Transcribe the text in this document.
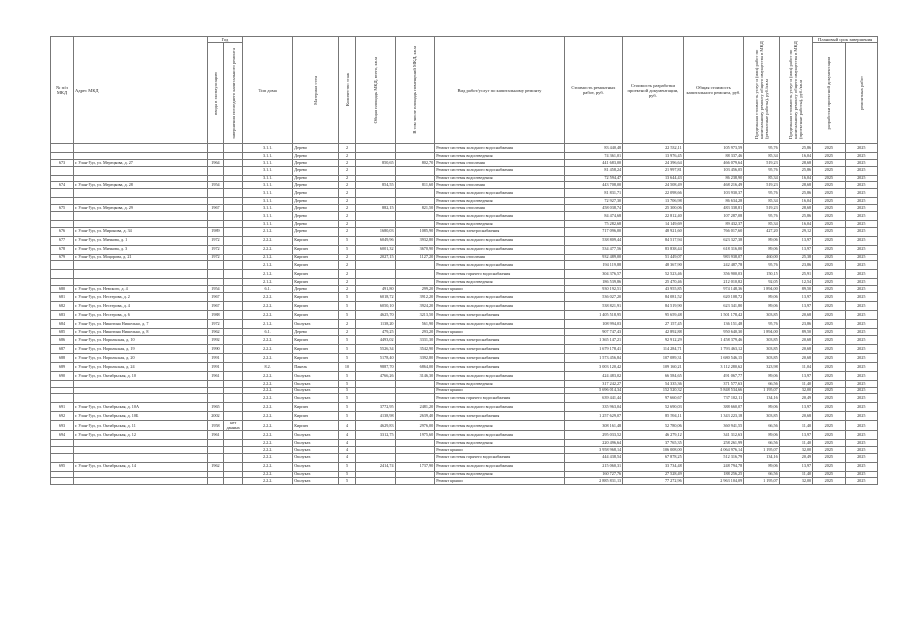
№ п/п МКД	Адрес МКД	Год		Тип дома	Материал стен	Количество этаж	Общая площадь МКД, всего, кв.м	В том числе площадь помещений МКД, кв.м	Вид работ/услуг по капитальному ремонту	Стоимость ремонтных работ, руб.	Стоимость разработки проектной документации, руб.	Общая стоимость капитального ремонта, руб.	Предельная стоимость услуг и (или) работ по капитальному ремонту общего имущества в МКД (ремонтные работы), руб./кв.м	Предельная стоимость услуг и (или) работ по капитальному ремонту общего имущества в МКД (проектные работы), руб./кв.м	Плановый срок завершения	

		ввода в эксплуатацию	завершения последнего капитального ремонта												разработки проектной документации	ремонтных работ

				3.1.1.	Дерево	2			Ремонт системы холодного водоснабжения	83 440,48	22 532,11	105 973,59	95,76	25,86	2025	2025
				3.1.1.	Дерево	2			Ремонт системы водоотведения	74 361,01	13 976,45	88 337,46	85,34	16,04	2025	2025
673	г. Улан-Удэ, ул. Мерецкова, д. 27	1964		3.1.1.	Дерево	2	850,65	802,70	Ремонт системы отопления	441 683,00	24 396,64	466 079,64	519,23	28,68	2025	2025
				3.1.1.	Дерево	2			Ремонт системы холодного водоснабжения	81 458,24	21 997,81	103 456,05	95,76	25,86	2025	2025
				3.1.1.	Дерево	2			Ремонт системы водоотведения	72 594,47	13 644,43	86 238,90	85,34	16,04	2025	2025
674	г. Улан-Удэ, ул. Мерецкова, д. 28	1954		3.1.1.	Дерево	2	854,55	811,60	Ремонт системы отопления	443 708,00	24 508,49	468 216,49	519,23	28,68	2025	2025
				3.1.1.	Дерево	2			Ремонт системы холодного водоснабжения	81 831,71	22 098,66	103 930,37	95,76	25,86	2025	2025
				3.1.1.	Дерево	2			Ремонт системы водоотведения	72 927,30	13 706,98	86 634,28	85,34	16,04	2025	2025
675	г. Улан-Удэ, ул. Мерецкова, д. 29	1967		3.1.1.	Дерево	2	882,15	821,50	Ремонт системы отопления	458 038,74	25 300,06	483 338,81	519,23	28,68	2025	2025
				3.1.1.	Дерево	2			Ремонт системы холодного водоснабжения	84 474,68	22 812,40	107 287,08	95,76	25,86	2025	2025
				3.1.1.	Дерево	2			Ремонт системы водоотведения	75 282,68	14 149,69	89 432,37	85,34	16,04	2025	2025
676	г. Улан-Удэ, ул. Миронова, д. 34	1989		2.1.2.	Дерево	2	1680,03	1085,90	Ремонт системы электроснабжения	717 096,00	48 921,60	766 017,60	427,20	29,12	2025	2025
677	г. Улан-Удэ, ул. Мичкова, д. 1	1972		2.2.2.	Кирпич	5	6049,96	3932,80	Ремонт системы холодного водоснабжения	538 809,44	84 517,94	623 327,38	89,06	13,97	2025	2025
678	г. Улан-Удэ, ул. Мичкова, д. 3	1972		2.2.2.	Кирпич	5	6001,32	3670,90	Ремонт системы холодного водоснабжения	534 477,56	83 838,44	618 316,00	89,06	13,97	2025	2025
679	г. Улан-Удэ, ул. Моцорова, д. 21	1972		2.1.2.	Кирпич	2	2027,15	1127,20	Ремонт системы отопления	932 489,00	51 449,07	983 938,07	460,00	25,38	2025	2025
				2.1.2.	Кирпич	2			Ремонт системы холодного водоснабжения	194 119,88	48 367,90	242 487,78	95,76	23,86	2025	2025
				2.1.2.	Кирпич	2			Ремонт системы горячего водоснабжения	304 376,57	52 523,46	356 900,03	150,15	25,91	2025	2025
				2.1.2.	Кирпич	2			Ремонт системы водоотведения	186 539,86	25 470,46	212 010,82	92,05	12,54	2025	2025
680	г. Улан-Удэ, ул. Невского, д. 4	1954		6.1.	Дерево	2	491,80	299,20	Ремонт крыши	930 192,51	43 955,85	974 148,36	1 894,00	89,50	2025	2025
681	г. Улан-Удэ, ул. Нестерова, д. 2	1967		2.2.2.	Кирпич	5	6018,72	3912,20	Ремонт системы холодного водоснабжения	536 027,20	84 081,52	620 108,72	89,06	13,97	2025	2025
682	г. Улан-Удэ, ул. Нестерова, д. 4	1967		2.2.2.	Кирпич	5	6050,10	3924,20	Ремонт системы холодного водоснабжения	538 821,91	84 519,90	623 341,80	89,06	13,97	2025	2025
683	г. Улан-Удэ, ул. Нестерова, д. 6	1988		2.2.2.	Кирпич	5	4625,70	3213,50	Ремонт системы электроснабжения	1 405 518,95	95 659,48	1 501 178,42	303,85	20,68	2025	2025
684	г. Улан-Удэ, ул. Никитина Нишелько, д. 7	1972		2.1.2.	Ошлукат.	2	1138,20	561,90	Ремонт системы холодного водоснабжения	108 994,03	27 157,45	136 151,48	95,76	23,86	2025	2025
685	г. Улан-Удэ, ул. Никитина Нишелько, д. 8	1962		6.1.	Дерево	2	479,25	293,20	Ремонт крыши	907 747,43	42 892,88	950 640,30	1 894,00	89,50	2025	2025
686	г. Улан-Удэ, ул. Норильская, д. 10	1992		2.2.2.	Кирпич	5	4493,02	3331,30	Ремонт системы электроснабжения	1 365 147,21	92 912,29	1 458 379,46	303,85	20,68	2025	2025
687	г. Улан-Удэ, ул. Норильская, д. 19	1990		2.2.2.	Кирпич	5	5526,34	3542,90	Ремонт системы электроснабжения	1 679 178,41	114 284,71	1 793 463,12	303,85	20,68	2025	2025
688	г. Улан-Удэ, ул. Норильская, д. 20	1991		2.2.2.	Кирпич	5	5178,40	3392,80	Ремонт системы электроснабжения	1 573 456,84	107 089,31	1 680 546,15	303,85	20,68	2025	2025
689	г. Улан-Удэ, ул. Норильская, д. 24	1991		8.2.	Панель	10	9887,70	6864,00	Ремонт системы электроснабжения	3 003 120,42	109 160,21	3 112 280,62	323,98	11,04	2025	2025
690	г. Улан-Удэ, ул. Октябрьская, д. 10	1961		2.2.2.	Ошлукат.	5	4766,26	3146,30	Ремонт системы холодного водоснабжения	424 483,02	66 584,65	491 067,77	89,06	13,97	2025	2025
				2.2.2.	Ошлукат.	5			Ремонт системы водоотведения	317 242,27	54 335,36	371 577,63	66,56	11,40	2025	2025
				2.2.2.	Ошлукат.	5			Ремонт крыши	5 696 014,34	152 520,32	5 848 534,66	1 195,07	32,00	2025	2025
				2.2.2.	Ошлукат.	5			Ремонт системы горячего водоснабжения	639 441,44	97 660,67	737 102,11	134,16	20,49	2025	2025
691	г. Улан-Удэ, ул. Октябрьская, д. 10А	1965		2.2.2.	Кирпич	5	3772,95	2481,20	Ремонт системы холодного водоснабжения	335 963,04	52 690,03	388 660,07	89,06	13,97	2025	2025
692	г. Улан-Удэ, ул. Октябрьская, д. 10Б	2002		2.2.2.	Кирпич	5	4138,98	2639,40	Ремонт системы электроснабжения	1 257 629,07	85 594,11	1 343 223,18	303,85	20,68	2025	2025
693	г. Улан-Удэ, ул. Октябрьская, д. 11	1958	нет данных	2.2.2.	Кирпич	4	4629,83	2976,00	Ремонт системы водоотведения	308 161,48	52 780,06	360 941,55	66,56	11,40	2025	2025
694	г. Улан-Удэ, ул. Октябрьская, д. 12	1961		2.2.2.	Ошлукат.	4	3312,75	1975,60	Ремонт системы холодного водоснабжения	295 033,52	46 279,12	341 312,63	89,06	13,97	2025	2025
				2.2.2.	Ошлукат.	4			Ремонт системы водоотведения	220 496,64	37 765,35	258 261,99	66,56	11,40	2025	2025
				2.2.2.	Ошлукат.	4			Ремонт крыши	3 958 968,14	106 008,00	4 064 976,14	1 195,07	32,00	2025	2025
				2.2.2.	Ошлукат.	4			Ремонт системы горячего водоснабжения	444 438,54	67 878,25	512 316,79	134,16	20,49	2025	2025
695	г. Улан-Удэ, ул. Октябрьская, д. 14	1962		2.2.2.	Ошлукат.	5	2414,74	1737,90	Ремонт системы холодного водоснабжения	215 060,31	33 734,48	248 794,78	89,06	13,97	2025	2025
				2.2.2.	Ошлукат.	5			Ремонт системы водоотведения	160 727,76	27 528,49	188 256,25	66,56	11,40	2025	2025
				2.2.2.	Ошлукат.	5			Ремонт крыши	2 885 831,13	77 272,96	2 963 104,09	1 195,07	32,00	2025	2025
